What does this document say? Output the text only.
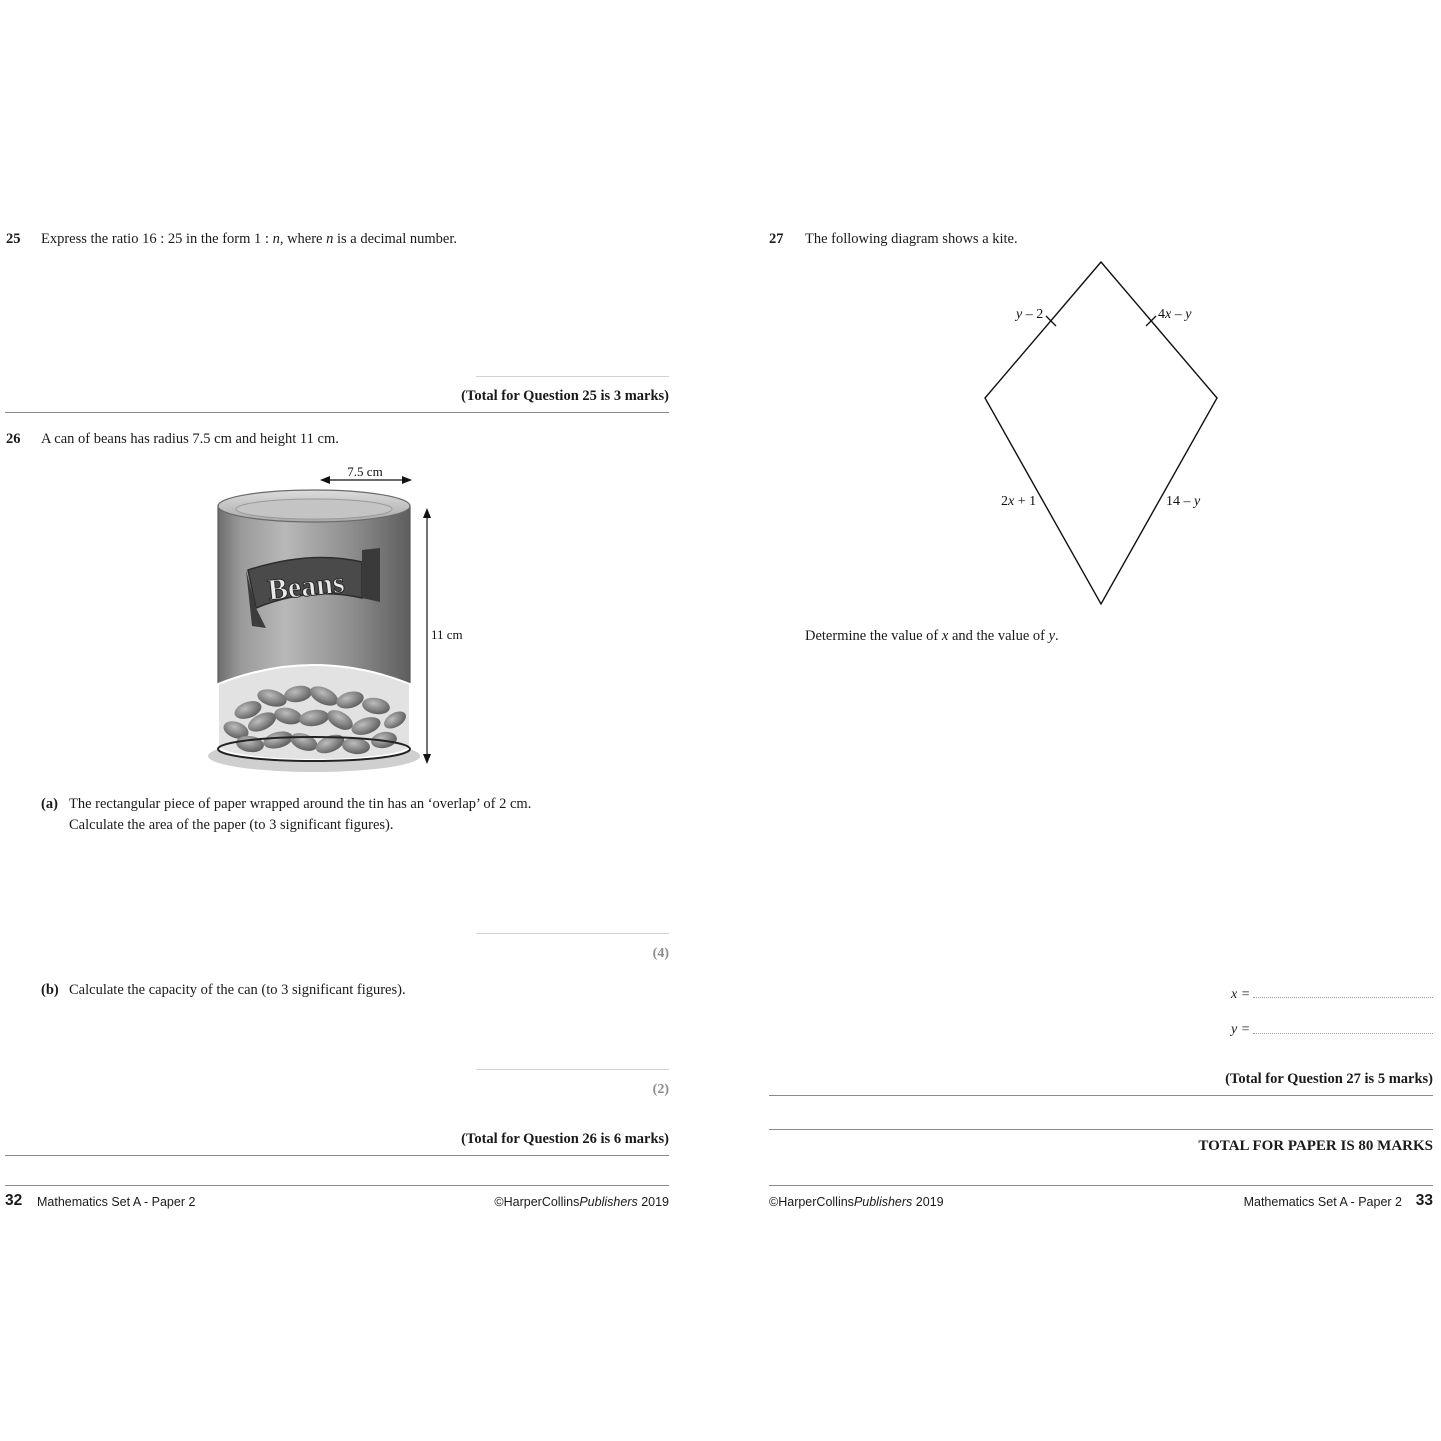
25 Express the ratio 16 : 25 in the form 1 : n, where n is a decimal number.
(Total for Question 25 is 3 marks)
26 A can of beans has radius 7.5 cm and height 11 cm.
7.5 cm
11 cm
Beans
(a) The rectangular piece of paper wrapped around the tin has an ‘overlap’ of 2 cm.
Calculate the area of the paper (to 3 significant figures).
(4)
(b) Calculate the capacity of the can (to 3 significant figures).
(2)
(Total for Question 26 is 6 marks)
32 Mathematics Set A - Paper 2	©HarperCollinsPublishers 2019
27 The following diagram shows a kite.
y – 2	4x – y
2x + 1	14 – y
Determine the value of x and the value of y.
x =
y =
(Total for Question 27 is 5 marks)
TOTAL FOR PAPER IS 80 MARKS
©HarperCollinsPublishers 2019	Mathematics Set A - Paper 2 33
